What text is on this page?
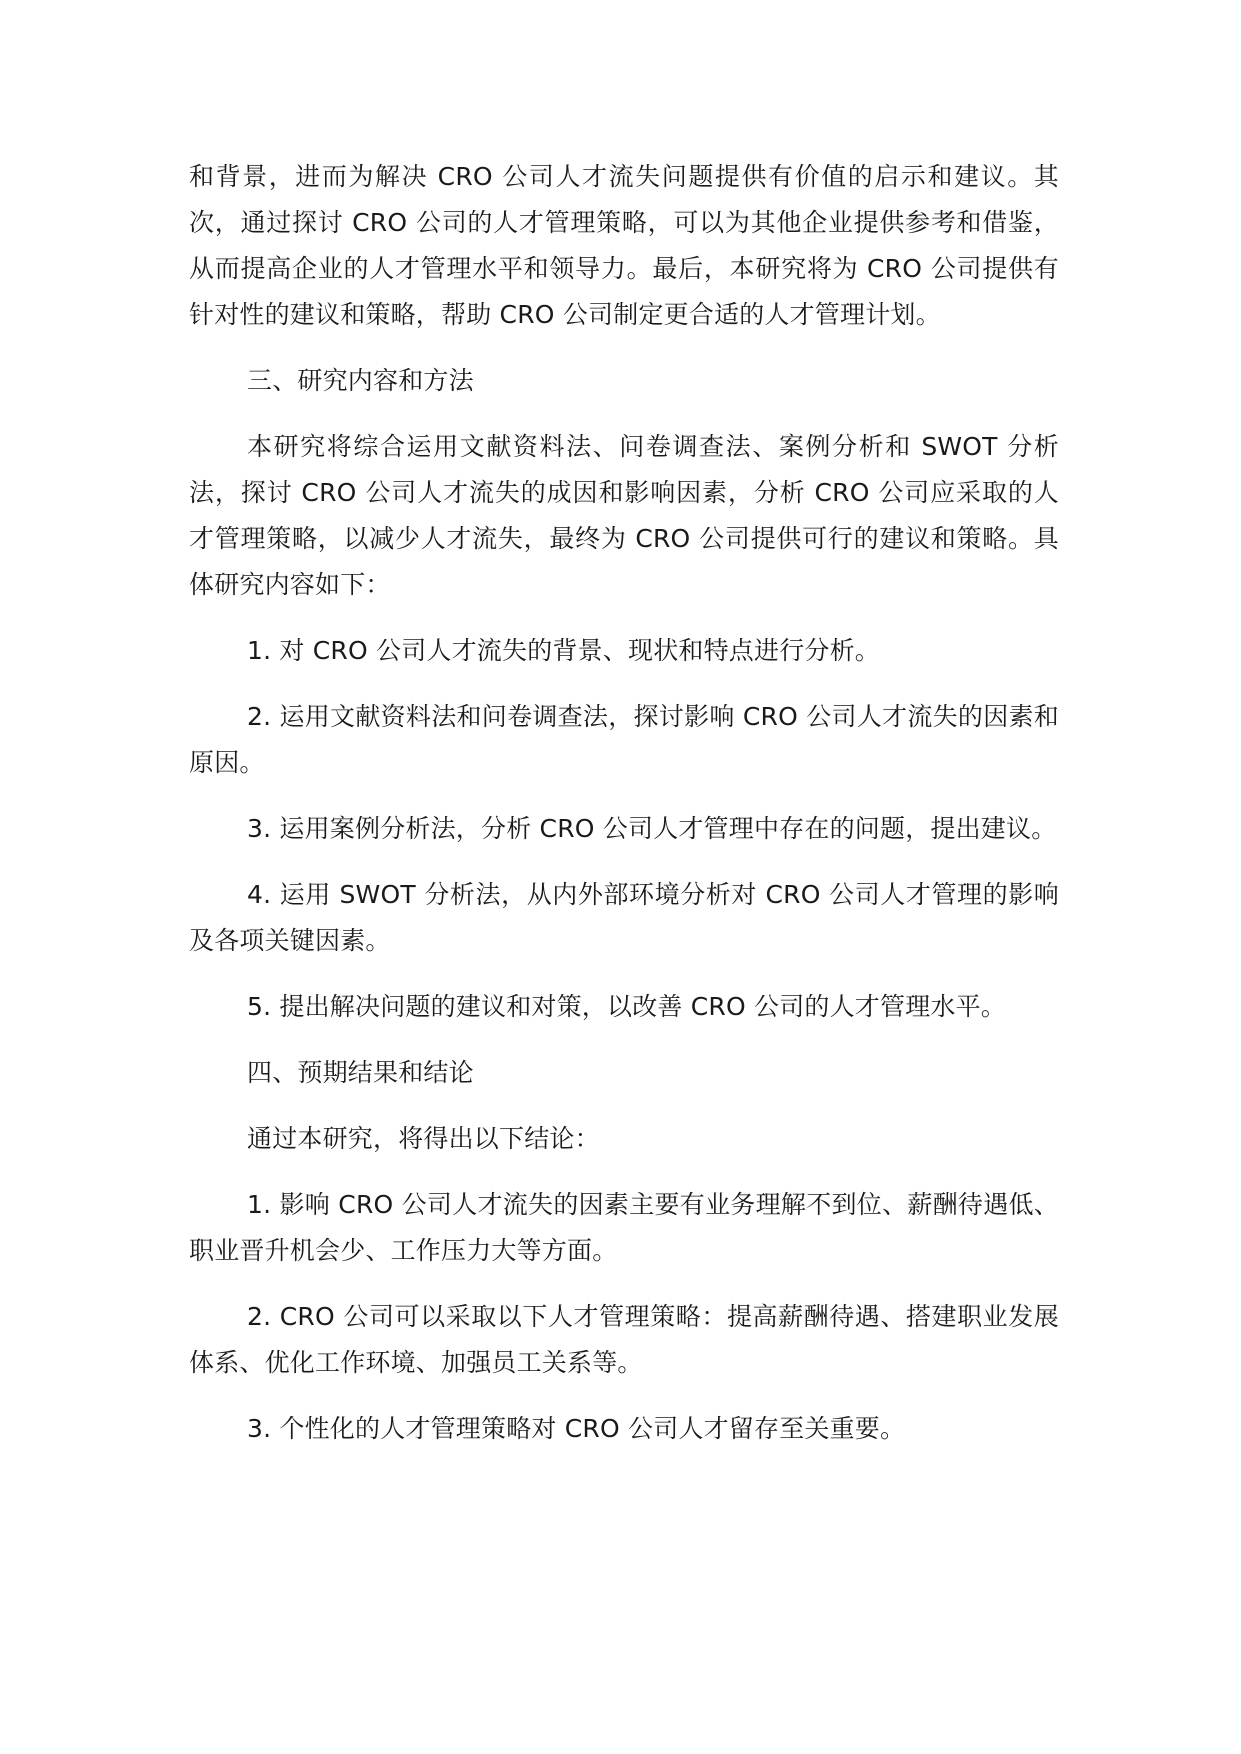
和背景，进而为解决 CRO 公司人才流失问题提供有价值的启示和建议。其次，通过探讨 CRO 公司的人才管理策略，可以为其他企业提供参考和借鉴，从而提高企业的人才管理水平和领导力。最后，本研究将为 CRO 公司提供有针对性的建议和策略，帮助 CRO 公司制定更合适的人才管理计划。

三、研究内容和方法

本研究将综合运用文献资料法、问卷调查法、案例分析和 SWOT 分析法，探讨 CRO 公司人才流失的成因和影响因素，分析 CRO 公司应采取的人才管理策略，以减少人才流失，最终为 CRO 公司提供可行的建议和策略。具体研究内容如下：

1. 对 CRO 公司人才流失的背景、现状和特点进行分析。

2. 运用文献资料法和问卷调查法，探讨影响 CRO 公司人才流失的因素和原因。

3. 运用案例分析法，分析 CRO 公司人才管理中存在的问题，提出建议。

4. 运用 SWOT 分析法，从内外部环境分析对 CRO 公司人才管理的影响及各项关键因素。

5. 提出解决问题的建议和对策，以改善 CRO 公司的人才管理水平。

四、预期结果和结论

通过本研究，将得出以下结论：

1. 影响 CRO 公司人才流失的因素主要有业务理解不到位、薪酬待遇低、职业晋升机会少、工作压力大等方面。

2. CRO 公司可以采取以下人才管理策略：提高薪酬待遇、搭建职业发展体系、优化工作环境、加强员工关系等。

3. 个性化的人才管理策略对 CRO 公司人才留存至关重要。
